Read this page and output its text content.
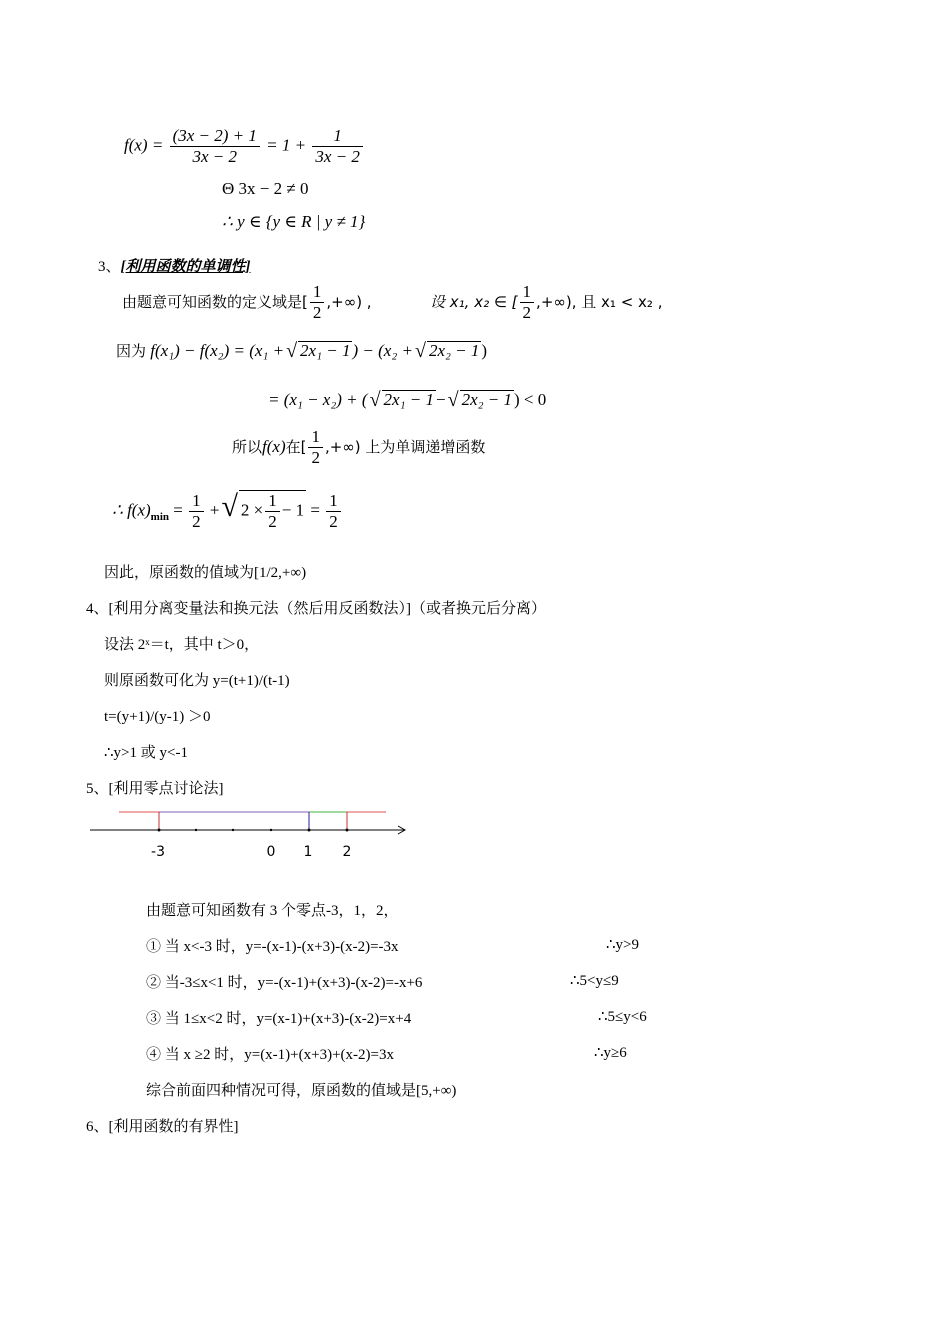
$f(x) = \frac{(3x - 2) + 1}{3x - 2} = 1 + \frac{1}{3x - 2}$
Θ 3x − 2 ≠ 0
∴ y ∈ {y ∈ R | y ≠ 1}
3、[利用函数的单调性]
由题意可知函数的定义域是[ $\frac{1}{2}$ ,+∞) ,	设 x₁, x₂ ∈ [ $\frac{1}{2}$ ,+∞), 且 x₁ < x₂ ,
因为 f(x₁) − f(x₂) = (x₁ + √ 2x₁ − 1 ) − (x₂ + √ 2x₂ − 1 )
= (x₁ − x₂) + ( √ 2x₁ − 1 − √ 2x₂ − 1 ) < 0
所以f(x)在[ $\frac{1}{2}$ ,+∞) 上为单调递增函数
∴ $f(x)_{min} = \frac{1}{2}$ +√ $2 \times \frac{1}{2} - 1 = \frac{1}{2}$
因此，原函数的值域为[1/2,+∞)
4、[利用分离变量法和换元法（然后用反函数法）]（或者换元后分离）
设法 2ˣ＝t，其中 t＞0，
则原函数可化为 y=(t+1)/(t-1)
t=(y+1)/(y-1) ＞0
∴y>1 或 y<-1
5、[利用零点讨论法]
-3	0 1 2
由题意可知函数有 3 个零点-3，1，2，
① 当 x<-3 时，y=-(x-1)-(x+3)-(x-2)=-3x	∴y>9
② 当-3≤x<1 时，y=-(x-1)+(x+3)-(x-2)=-x+6	∴5<y≤9
③ 当 1≤x<2 时，y=(x-1)+(x+3)-(x-2)=x+4	∴5≤y<6
④ 当 x ≥2 时，y=(x-1)+(x+3)+(x-2)=3x	∴y≥6
综合前面四种情况可得，原函数的值域是[5,+∞)
6、[利用函数的有界性]
